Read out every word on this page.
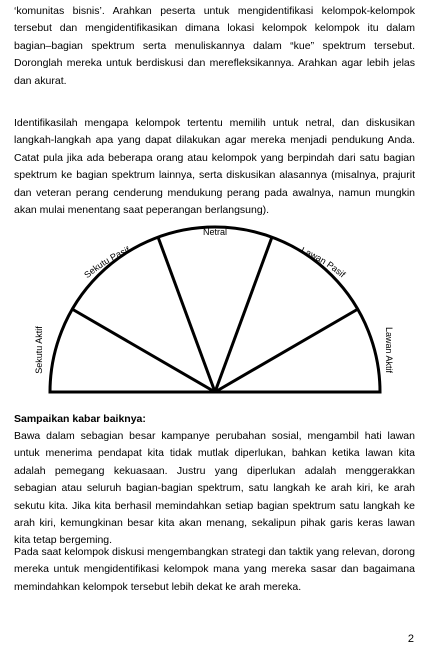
‘komunitas bisnis’. Arahkan peserta untuk mengidentifikasi kelompok-kelompok tersebut dan mengidentifikasikan dimana lokasi kelompok kelompok itu dalam bagian–bagian spektrum serta menuliskannya dalam “kue” spektrum tersebut. Doronglah mereka untuk berdiskusi dan merefleksikannya. Arahkan agar lebih jelas dan akurat.

Identifikasilah mengapa kelompok tertentu memilih untuk netral, dan diskusikan langkah-langkah apa yang dapat dilakukan agar mereka menjadi pendukung Anda. Catat pula jika ada beberapa orang atau kelompok yang berpindah dari satu bagian spektrum ke bagian spektrum lainnya, serta diskusikan alasannya (misalnya, prajurit dan veteran perang cenderung mendukung perang pada awalnya, namun mungkin akan mulai menentang saat peperangan berlangsung).

Netral
Sekutu Aktif	Lawan Aktif
Sekutu Pasif	Lawan Pasif

Sampaikan kabar baiknya:

Bawa dalam sebagian besar kampanye perubahan sosial, mengambil hati lawan untuk menerima pendapat kita tidak mutlak diperlukan, bahkan ketika lawan kita adalah pemegang kekuasaan. Justru yang diperlukan adalah menggerakkan sebagian atau seluruh bagian-bagian spektrum, satu langkah ke arah kiri, ke arah sekutu kita. Jika kita berhasil memindahkan setiap bagian spektrum satu langkah ke arah kiri, kemungkinan besar kita akan menang, sekalipun pihak garis keras lawan kita tetap bergeming.

Pada saat kelompok diskusi mengembangkan strategi dan taktik yang relevan, dorong mereka untuk mengidentifikasi kelompok mana yang mereka sasar dan bagaimana memindahkan kelompok tersebut lebih dekat ke arah mereka.

2
